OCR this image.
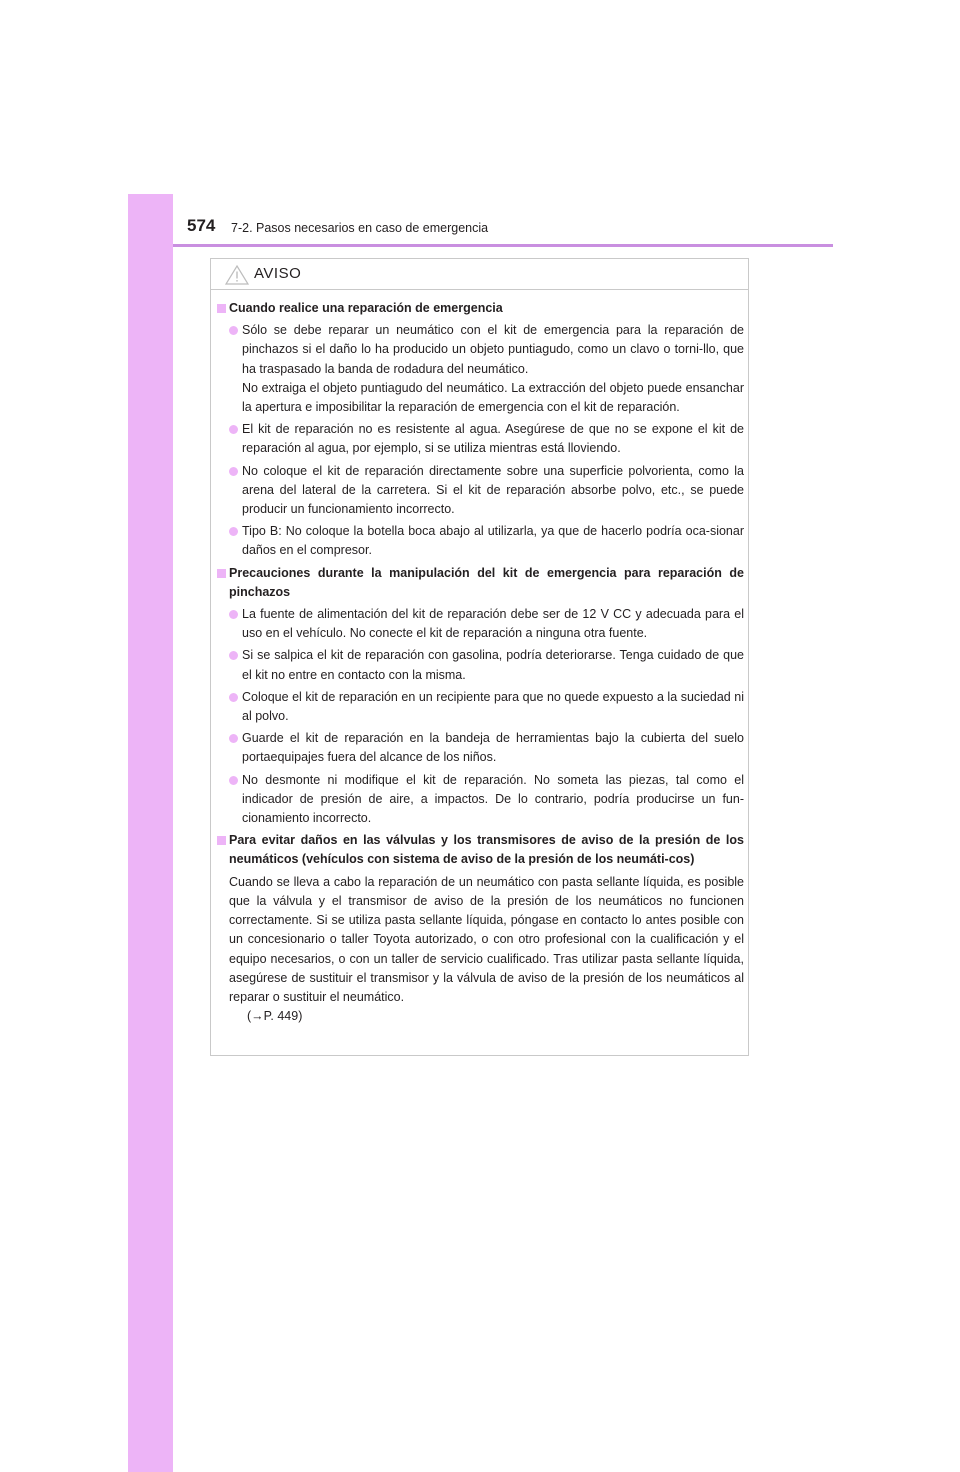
574 7-2. Pasos necesarios en caso de emergencia
AVISO
Cuando realice una reparación de emergencia
Sólo se debe reparar un neumático con el kit de emergencia para la reparación de pinchazos si el daño lo ha producido un objeto puntiagudo, como un clavo o torni-llo, que ha traspasado la banda de rodadura del neumático.
No extraiga el objeto puntiagudo del neumático. La extracción del objeto puede ensanchar la apertura e imposibilitar la reparación de emergencia con el kit de reparación.
El kit de reparación no es resistente al agua. Asegúrese de que no se expone el kit de reparación al agua, por ejemplo, si se utiliza mientras está lloviendo.
No coloque el kit de reparación directamente sobre una superficie polvorienta, como la arena del lateral de la carretera. Si el kit de reparación absorbe polvo, etc., se puede producir un funcionamiento incorrecto.
Tipo B: No coloque la botella boca abajo al utilizarla, ya que de hacerlo podría oca-sionar daños en el compresor.
Precauciones durante la manipulación del kit de emergencia para reparación de pinchazos
La fuente de alimentación del kit de reparación debe ser de 12 V CC y adecuada para el uso en el vehículo. No conecte el kit de reparación a ninguna otra fuente.
Si se salpica el kit de reparación con gasolina, podría deteriorarse. Tenga cuidado de que el kit no entre en contacto con la misma.
Coloque el kit de reparación en un recipiente para que no quede expuesto a la suciedad ni al polvo.
Guarde el kit de reparación en la bandeja de herramientas bajo la cubierta del suelo portaequipajes fuera del alcance de los niños.
No desmonte ni modifique el kit de reparación. No someta las piezas, tal como el indicador de presión de aire, a impactos. De lo contrario, podría producirse un fun-cionamiento incorrecto.
Para evitar daños en las válvulas y los transmisores de aviso de la presión de los neumáticos (vehículos con sistema de aviso de la presión de los neumáti-cos)
Cuando se lleva a cabo la reparación de un neumático con pasta sellante líquida, es posible que la válvula y el transmisor de aviso de la presión de los neumáticos no funcionen correctamente. Si se utiliza pasta sellante líquida, póngase en contacto lo antes posible con un concesionario o taller Toyota autorizado, o con otro profesional con la cualificación y el equipo necesarios, o con un taller de servicio cualificado. Tras utilizar pasta sellante líquida, asegúrese de sustituir el transmisor y la válvula de aviso de la presión de los neumáticos al reparar o sustituir el neumático.
(→P. 449)
